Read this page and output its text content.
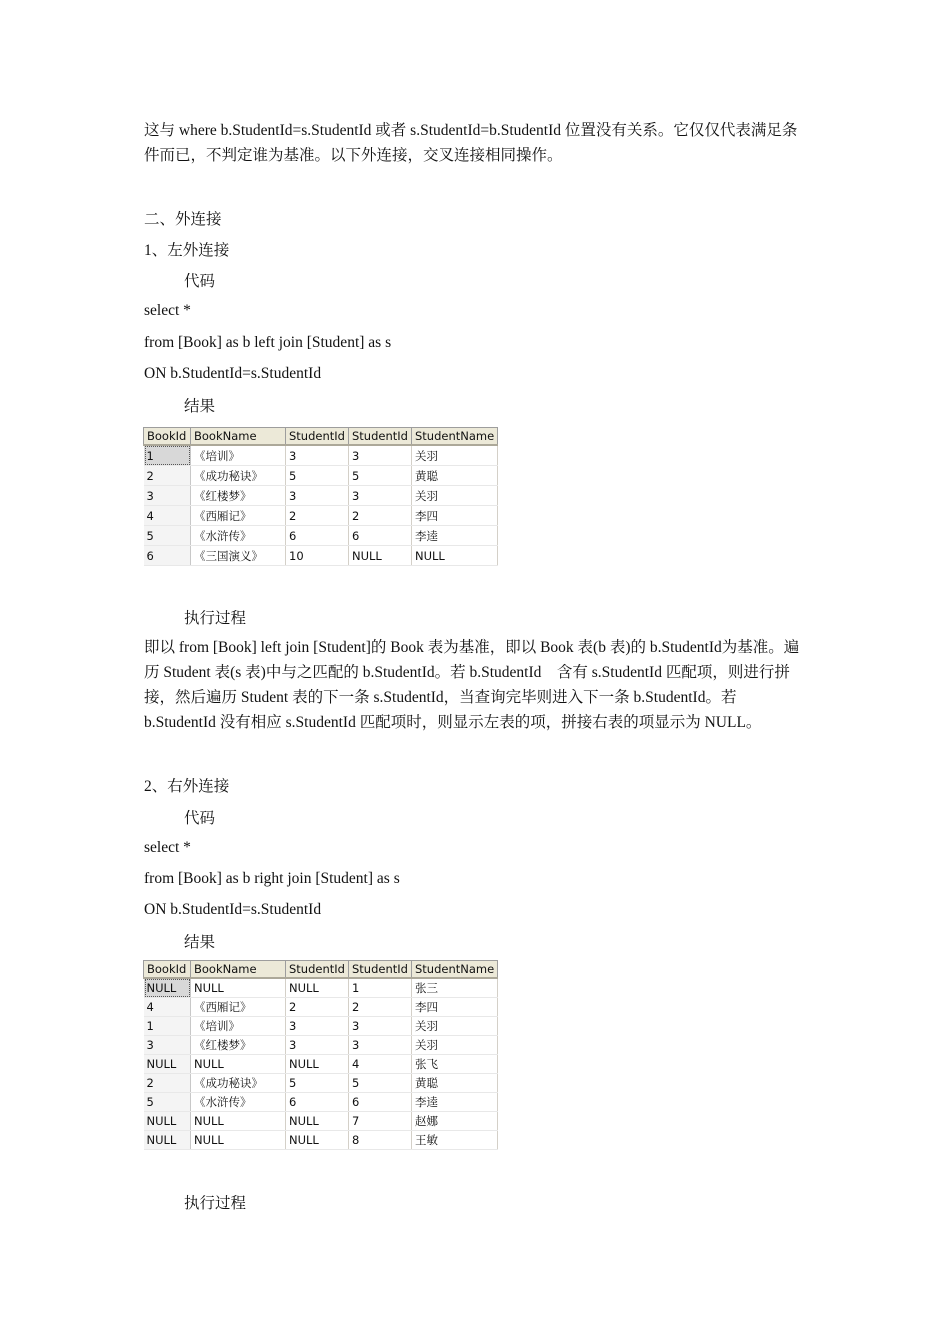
这与 where b.StudentId=s.StudentId 或者 s.StudentId=b.StudentId 位置没有关系。它仅仅代表满足条件而已，不判定谁为基准。以下外连接，交叉连接相同操作。
二、外连接
1、左外连接
代码
select *
from [Book] as b left join [Student] as s
ON b.StudentId=s.StudentId
结果
BookId	BookName	StudentId	StudentId	StudentName
1	《培训》	3	3	关羽
2	《成功秘诀》	5	5	黄聪
3	《红楼梦》	3	3	关羽
4	《西厢记》	2	2	李四
5	《水浒传》	6	6	李逵
6	《三国演义》	10	NULL	NULL
执行过程
即以 from [Book] left join [Student]的 Book 表为基准，即以 Book 表(b 表)的 b.StudentId为基准。遍历 Student 表(s 表)中与之匹配的 b.StudentId。若 b.StudentId　含有 s.StudentId 匹配项，则进行拼接，然后遍历 Student 表的下一条 s.StudentId，当查询完毕则进入下一条 b.StudentId。若 b.StudentId 没有相应 s.StudentId 匹配项时，则显示左表的项，拼接右表的项显示为 NULL。
2、右外连接
代码
select *
from [Book] as b right join [Student] as s
ON b.StudentId=s.StudentId
结果
BookId	BookName	StudentId	StudentId	StudentName
NULL	NULL	NULL	1	张三
4	《西厢记》	2	2	李四
1	《培训》	3	3	关羽
3	《红楼梦》	3	3	关羽
NULL	NULL	NULL	4	张飞
2	《成功秘诀》	5	5	黄聪
5	《水浒传》	6	6	李逵
NULL	NULL	NULL	7	赵娜
NULL	NULL	NULL	8	王敏
执行过程
